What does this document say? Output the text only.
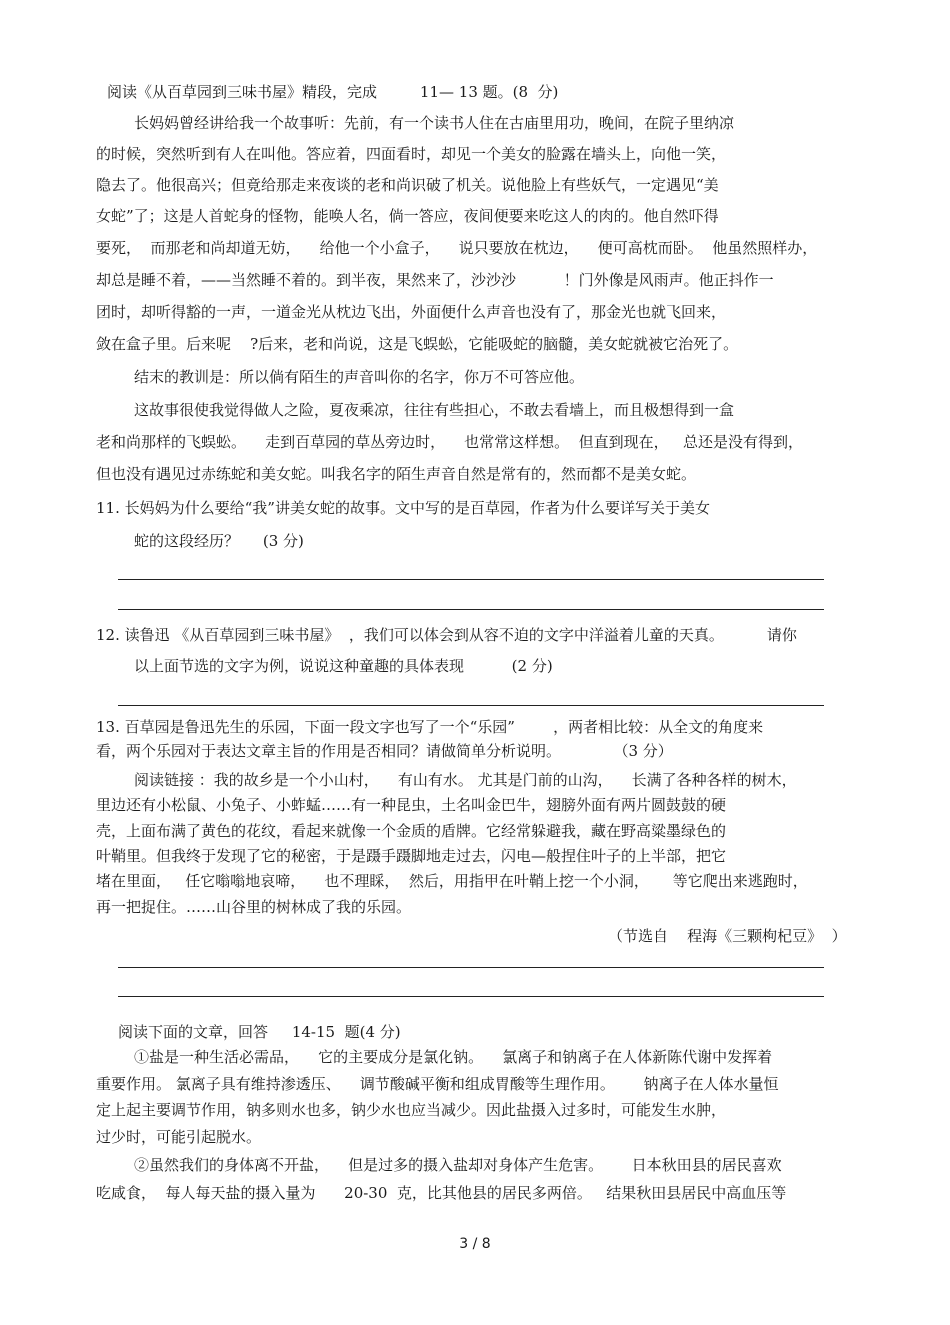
阅读《从百草园到三味书屋》精段，完成         11— 13 题。(8  分)
长妈妈曾经讲给我一个故事听：先前，有一个读书人住在古庙里用功，晚间，在院子里纳凉
的时候，突然听到有人在叫他。答应着，四面看时，却见一个美女的脸露在墙头上，向他一笑，
隐去了。他很高兴；但竟给那走来夜谈的老和尚识破了机关。说他脸上有些妖气，一定遇见“美
女蛇”了；这是人首蛇身的怪物，能唤人名，倘一答应，夜间便要来吃这人的肉的。他自然吓得
要死，  而那老和尚却道无妨，    给他一个小盒子，    说只要放在枕边，    便可高枕而卧。  他虽然照样办，
却总是睡不着，——当然睡不着的。到半夜，果然来了，沙沙沙          ！门外像是风雨声。他正抖作一
团时，却听得豁的一声，一道金光从枕边飞出，外面便什么声音也没有了，那金光也就飞回来，
敛在盒子里。后来呢    ?后来，老和尚说，这是飞蜈蚣，它能吸蛇的脑髓，美女蛇就被它治死了。
结末的教训是：所以倘有陌生的声音叫你的名字，你万不可答应他。
这故事很使我觉得做人之险，夏夜乘凉，往往有些担心，不敢去看墙上，而且极想得到一盒
老和尚那样的飞蜈蚣。    走到百草园的草丛旁边时，    也常常这样想。  但直到现在，   总还是没有得到，
但也没有遇见过赤练蛇和美女蛇。叫我名字的陌生声音自然是常有的，然而都不是美女蛇。
11. 长妈妈为什么要给“我”讲美女蛇的故事。文中写的是百草园，作者为什么要详写关于美女
蛇的这段经历？     (3 分)
12. 读鲁迅 《从百草园到三味书屋》  ，我们可以体会到从容不迫的文字中洋溢着儿童的天真。         请你
以上面节选的文字为例，说说这种童趣的具体表现          (2 分)
13. 百草园是鲁迅先生的乐园，下面一段文字也写了一个“乐园”        ，两者相比较：从全文的角度来
看，两个乐园对于表达文章主旨的作用是否相同？请做简单分析说明。           （3 分）
阅读链接 ：我的故乡是一个小山村，    有山有水。 尤其是门前的山沟，    长满了各种各样的树木，
里边还有小松鼠、小兔子、小蚱蜢……有一种昆虫，土名叫金巴牛，翅膀外面有两片圆鼓鼓的硬
壳，上面布满了黄色的花纹，看起来就像一个金质的盾牌。它经常躲避我，藏在野高粱墨绿色的
叶鞘里。但我终于发现了它的秘密，于是蹑手蹑脚地走过去，闪电—般捏住叶子的上半部，把它
堵在里面，   任它嗡嗡地哀啼，    也不理睬，  然后，用指甲在叶鞘上挖一个小洞，     等它爬出来逃跑时，
再一把捉住。……山谷里的树林成了我的乐园。
（节选自    程海《三颗枸杞豆》  ）
阅读下面的文章，回答     14-15  题(4 分)
①盐是一种生活必需品，    它的主要成分是氯化钠。    氯离子和钠离子在人体新陈代谢中发挥着
重要作用。 氯离子具有维持渗透压、    调节酸碱平衡和组成胃酸等生理作用。      钠离子在人体水量恒
定上起主要调节作用，钠多则水也多，钠少水也应当减少。因此盐摄入过多时，可能发生水肿，
过少时，可能引起脱水。
②虽然我们的身体离不开盐，    但是过多的摄入盐却对身体产生危害。      日本秋田县的居民喜欢
吃咸食，  每人每天盐的摄入量为      20-30  克，比其他县的居民多两倍。   结果秋田县居民中高血压等
3 / 8
